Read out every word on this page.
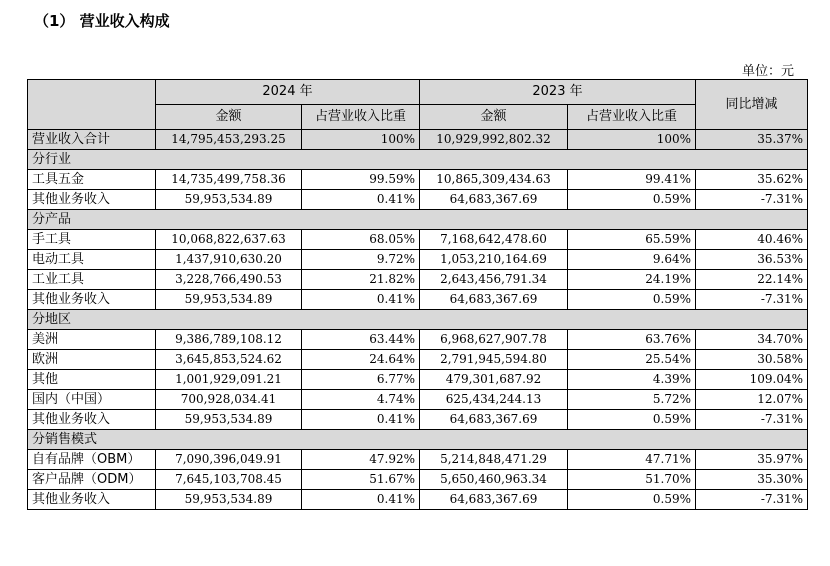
（1） 营业收入构成
单位：元
	2024 年		2023 年		同比增减
	金额	占营业收入比重	金额	占营业收入比重	
营业收入合计	14,795,453,293.25	100%	10,929,992,802.32	100%	35.37%
分行业					
工具五金	14,735,499,758.36	99.59%	10,865,309,434.63	99.41%	35.62%
其他业务收入	59,953,534.89	0.41%	64,683,367.69	0.59%	-7.31%
分产品					
手工具	10,068,822,637.63	68.05%	7,168,642,478.60	65.59%	40.46%
电动工具	1,437,910,630.20	9.72%	1,053,210,164.69	9.64%	36.53%
工业工具	3,228,766,490.53	21.82%	2,643,456,791.34	24.19%	22.14%
其他业务收入	59,953,534.89	0.41%	64,683,367.69	0.59%	-7.31%
分地区					
美洲	9,386,789,108.12	63.44%	6,968,627,907.78	63.76%	34.70%
欧洲	3,645,853,524.62	24.64%	2,791,945,594.80	25.54%	30.58%
其他	1,001,929,091.21	6.77%	479,301,687.92	4.39%	109.04%
国内（中国）	700,928,034.41	4.74%	625,434,244.13	5.72%	12.07%
其他业务收入	59,953,534.89	0.41%	64,683,367.69	0.59%	-7.31%
分销售模式					
自有品牌（OBM）	7,090,396,049.91	47.92%	5,214,848,471.29	47.71%	35.97%
客户品牌（ODM）	7,645,103,708.45	51.67%	5,650,460,963.34	51.70%	35.30%
其他业务收入	59,953,534.89	0.41%	64,683,367.69	0.59%	-7.31%
